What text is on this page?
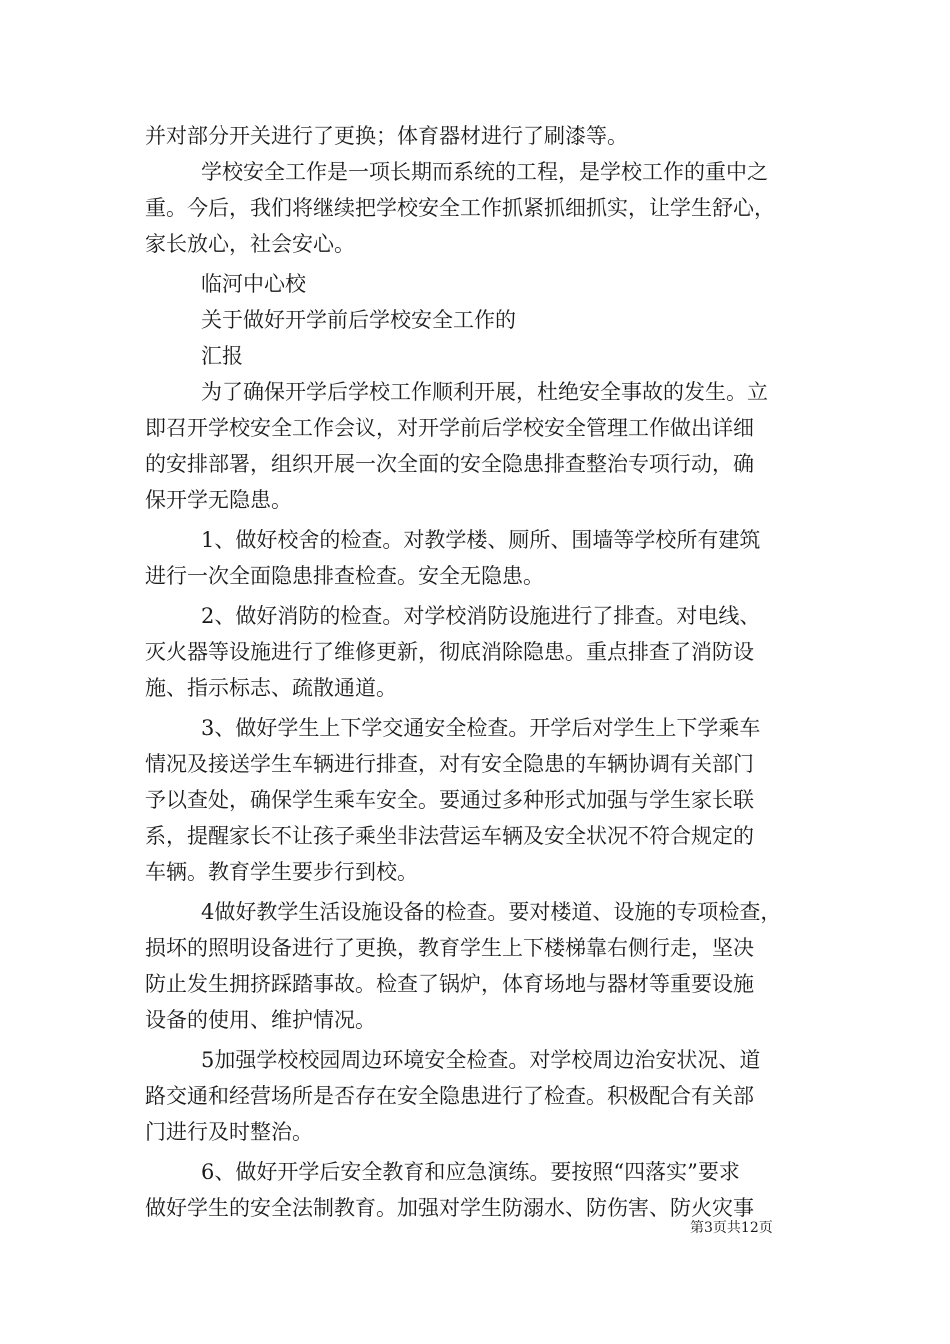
并对部分开关进行了更换；体育器材进行了刷漆等。
学校安全工作是一项长期而系统的工程，是学校工作的重中之
重。今后，我们将继续把学校安全工作抓紧抓细抓实，让学生舒心，
家长放心，社会安心。
临河中心校
关于做好开学前后学校安全工作的
汇报
为了确保开学后学校工作顺利开展，杜绝安全事故的发生。立
即召开学校安全工作会议，对开学前后学校安全管理工作做出详细
的安排部署，组织开展一次全面的安全隐患排查整治专项行动，确
保开学无隐患。
1、做好校舍的检查。对教学楼、厕所、围墙等学校所有建筑
进行一次全面隐患排查检查。安全无隐患。
2、做好消防的检查。对学校消防设施进行了排查。对电线、
灭火器等设施进行了维修更新，彻底消除隐患。重点排查了消防设
施、指示标志、疏散通道。
3、做好学生上下学交通安全检查。开学后对学生上下学乘车
情况及接送学生车辆进行排查，对有安全隐患的车辆协调有关部门
予以查处，确保学生乘车安全。要通过多种形式加强与学生家长联
系，提醒家长不让孩子乘坐非法营运车辆及安全状况不符合规定的
车辆。教育学生要步行到校。
4做好教学生活设施设备的检查。要对楼道、设施的专项检查，
损坏的照明设备进行了更换，教育学生上下楼梯靠右侧行走，坚决
防止发生拥挤踩踏事故。检查了锅炉，体育场地与器材等重要设施
设备的使用、维护情况。
5加强学校校园周边环境安全检查。对学校周边治安状况、道
路交通和经营场所是否存在安全隐患进行了检查。积极配合有关部
门进行及时整治。
6、做好开学后安全教育和应急演练。要按照“四落实”要求
做好学生的安全法制教育。加强对学生防溺水、防伤害、防火灾事
第3页共12页
